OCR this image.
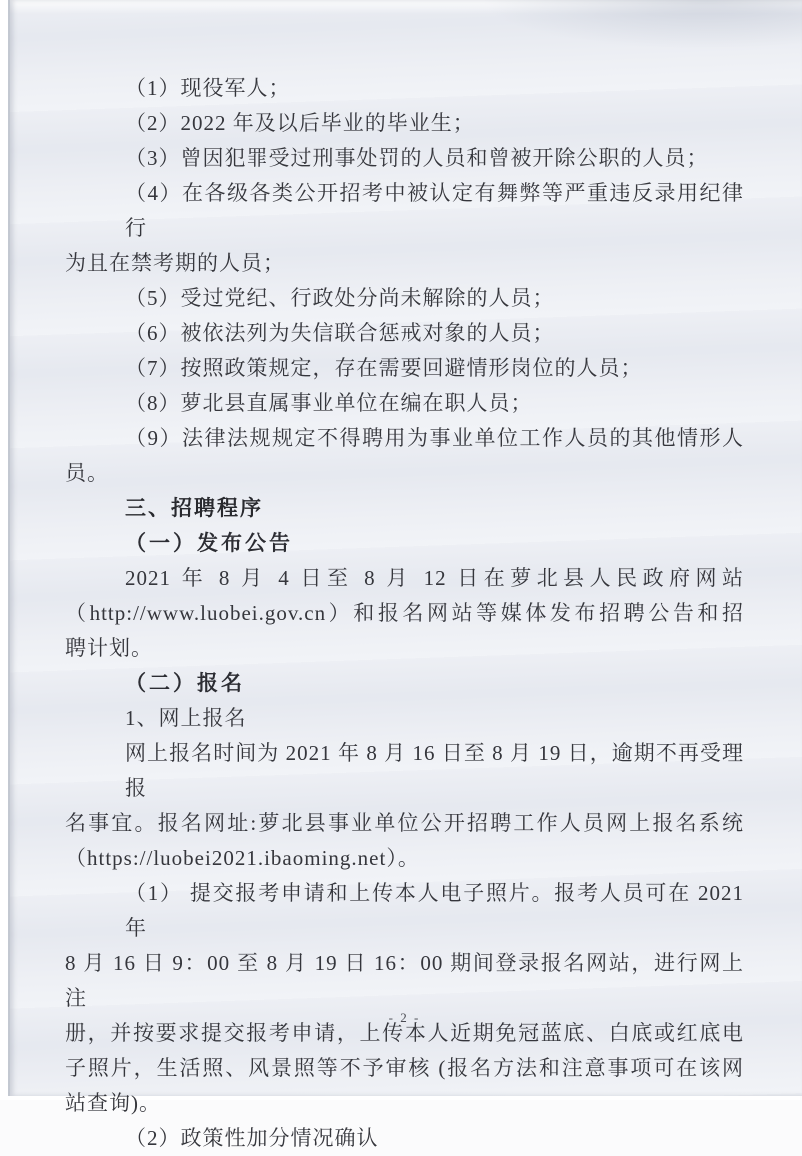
（1）现役军人；
（2）2022 年及以后毕业的毕业生；
（3）曾因犯罪受过刑事处罚的人员和曾被开除公职的人员；
（4）在各级各类公开招考中被认定有舞弊等严重违反录用纪律行
为且在禁考期的人员；
（5）受过党纪、行政处分尚未解除的人员；
（6）被依法列为失信联合惩戒对象的人员；
（7）按照政策规定，存在需要回避情形岗位的人员；
（8）萝北县直属事业单位在编在职人员；
（9）法律法规规定不得聘用为事业单位工作人员的其他情形人
员。
三、招聘程序
（一）发布公告
2021 年 8 月 4 日至 8 月 12 日在萝北县人民政府网站
（http://www.luobei.gov.cn）和报名网站等媒体发布招聘公告和招
聘计划。
（二）报名
1、网上报名
网上报名时间为 2021 年 8 月 16 日至 8 月 19 日，逾期不再受理报
名事宜。报名网址:萝北县事业单位公开招聘工作人员网上报名系统
（https://luobei2021.ibaoming.net）。
（1） 提交报考申请和上传本人电子照片。报考人员可在 2021 年
8 月 16 日 9：00 至 8 月 19 日 16：00 期间登录报名网站，进行网上注
册，并按要求提交报考申请，上传本人近期免冠蓝底、白底或红底电
子照片，生活照、风景照等不予审核 (报名方法和注意事项可在该网
站查询)。
（2）政策性加分情况确认
- 2 -
